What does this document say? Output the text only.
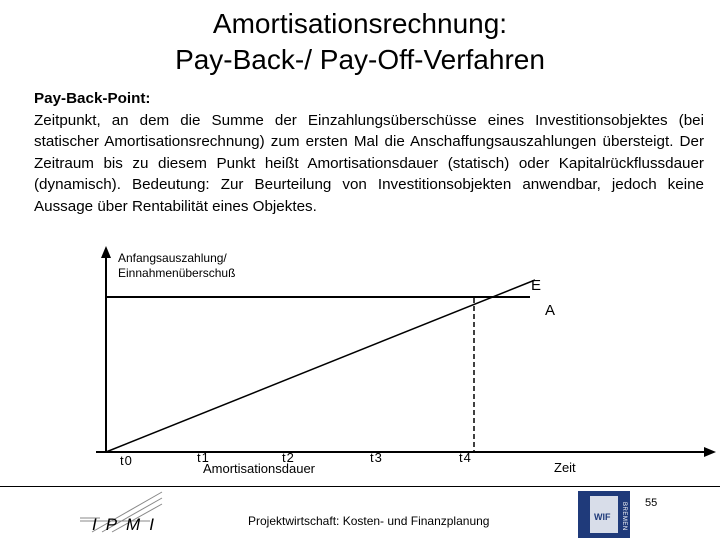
Amortisationsrechnung:
Pay-Back-/ Pay-Off-Verfahren
Pay-Back-Point:
Zeitpunkt, an dem die Summe der Einzahlungsüberschüsse eines Investitionsobjektes (bei statischer Amortisationsrechnung) zum ersten Mal die Anschaffungsauszahlungen übersteigt. Der Zeitraum bis zu diesem Punkt heißt Amortisationsdauer (statisch) oder Kapitalrückflussdauer (dynamisch). Bedeutung: Zur Beurteilung von Investitionsobjekten anwendbar, jedoch keine Aussage über Rentabilität eines Objektes.
Anfangsauszahlung/
Einnahmenüberschuß
E
A
t0	t1	t2	t3	t4
Amortisationsdauer	Zeit
IPMI	WIF BREMEN
Projektwirtschaft: Kosten- und Finanzplanung
55
